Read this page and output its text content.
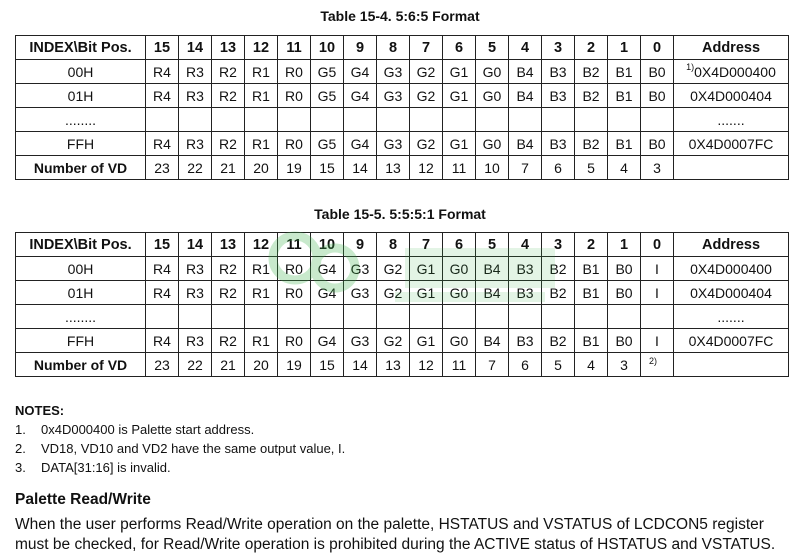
Table 15-4. 5:6:5 Format
INDEX\Bit Pos.	15	14	13	12	11	10	9	8	7	6	5	4	3	2	1	0	Address
00H	R4	R3	R2	R1	R0	G5	G4	G3	G2	G1	G0	B4	B3	B2	B1	B0	$^{1)}$0X4D000400
01H	R4	R3	R2	R1	R0	G5	G4	G3	G2	G1	G0	B4	B3	B2	B1	B0	0X4D000404
........																	.......
FFH	R4	R3	R2	R1	R0	G5	G4	G3	G2	G1	G0	B4	B3	B2	B1	B0	0X4D0007FC
Number of VD	23	22	21	20	19	15	14	13	12	11	10	7	6	5	4	3	
Table 15-5. 5:5:5:1 Format
INDEX\Bit Pos.	15	14	13	12	11	10	9	8	7	6	5	4	3	2	1	0	Address
00H	R4	R3	R2	R1	R0	G4	G3	G2	G1	G0	B4	B3	B2	B1	B0	I	0X4D000400
01H	R4	R3	R2	R1	R0	G4	G3	G2	G1	G0	B4	B3	B2	B1	B0	I	0X4D000404
........																	.......
FFH	R4	R3	R2	R1	R0	G4	G3	G2	G1	G0	B4	B3	B2	B1	B0	I	0X4D0007FC
Number of VD	23	22	21	20	19	15	14	13	12	11	7	6	5	4	3	2)	

NOTES:
1. 0x4D000400 is Palette start address.
2. VD18, VD10 and VD2 have the same output value, I.
3. DATA[31:16] is invalid.
Palette Read/Write
When the user performs Read/Write operation on the palette, HSTATUS and VSTATUS of LCDCON5 register must be checked, for Read/Write operation is prohibited during the ACTIVE status of HSTATUS and VSTATUS.
